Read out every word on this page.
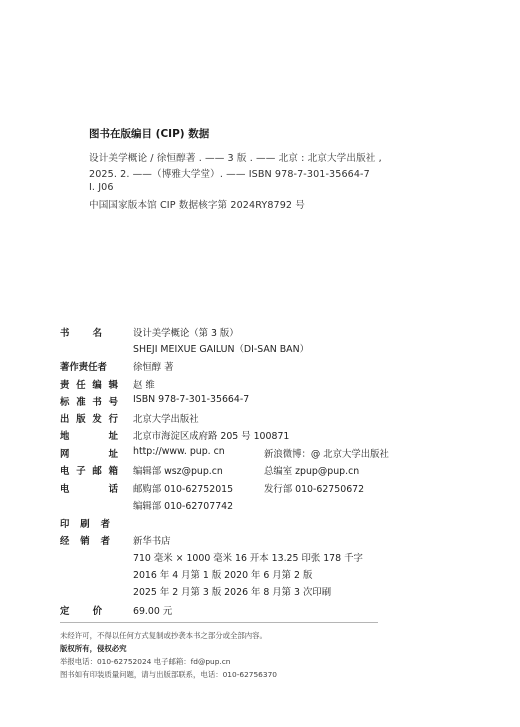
图书在版编目 (CIP) 数据
设计美学概论 / 徐恒醇著 . —— 3 版 . —— 北京 : 北京大学出版社 ,
2025. 2. ——（博雅大学堂）. —— ISBN 978-7-301-35664-7
Ⅰ. J06
中国国家版本馆 CIP 数据核字第 2024RY8792 号
书 名	设计美学概论（第 3 版）
SHEJI MEIXUE GAILUN（DI-SAN BAN）
著作责任者	徐恒醇 著
责 任 编 辑 赵 维
标 准 书 号 ISBN 978-7-301-35664-7
出 版 发 行 北京大学出版社
地	址 北京市海淀区成府路 205 号 100871
网	址 http://www. pup. cn	新浪微博：@ 北京大学出版社
电 子 邮 箱 编辑部 wsz@pup.cn	总编室 zpup@pup.cn
电	话 邮购部 010-62752015	发行部 010-62750672
编辑部 010-62707742
印 刷 者
经 销 者 新华书店
710 毫米 × 1000 毫米 16 开本 13.25 印张 178 千字
2016 年 4 月第 1 版 2020 年 6 月第 2 版
2025 年 2 月第 3 版 2026 年 8 月第 3 次印刷
定 价	69.00 元
未经许可，不得以任何方式复制或抄袭本书之部分或全部内容。
版权所有，侵权必究
举报电话：010-62752024 电子邮箱：fd@pup.cn
图书如有印装质量问题，请与出版部联系，电话：010-62756370
